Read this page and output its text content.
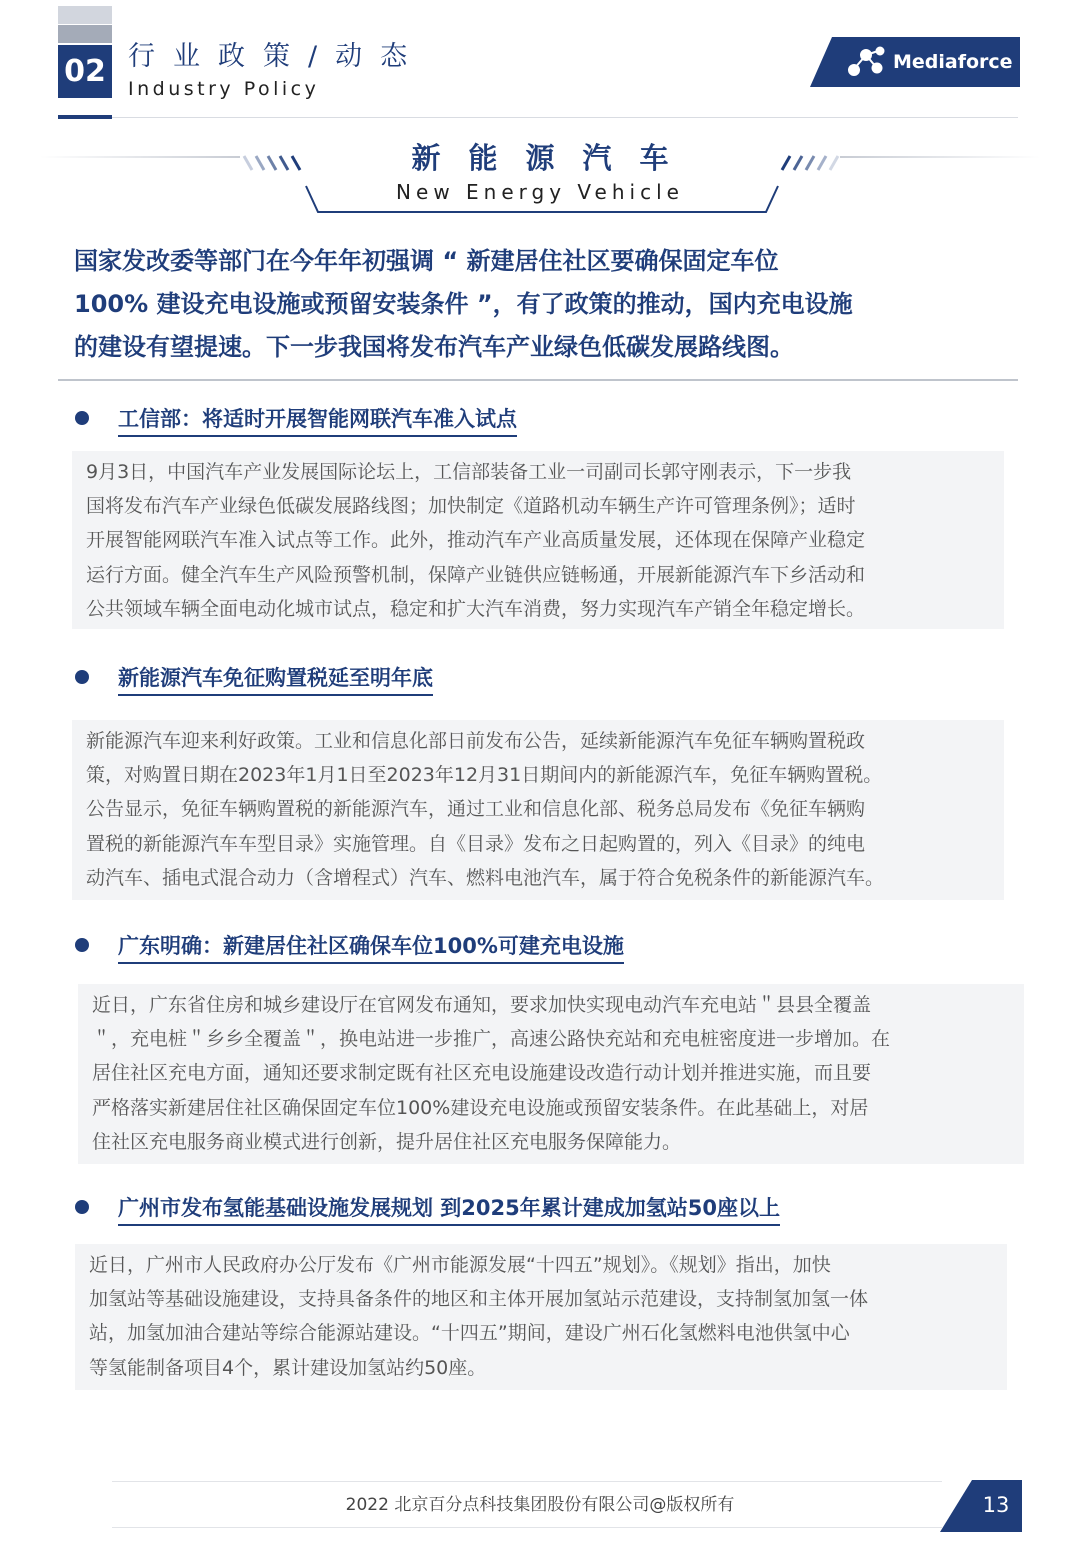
02 行业政策/动态
Industry Policy
Mediaforce
新能源汽车
New Energy Vehicle
国家发改委等部门在今年年初强调 “ 新建居住社区要确保固定车位
100% 建设充电设施或预留安装条件 ”，有了政策的推动，国内充电设施
的建设有望提速。下一步我国将发布汽车产业绿色低碳发展路线图。
工信部：将适时开展智能网联汽车准入试点
9月3日，中国汽车产业发展国际论坛上，工信部装备工业一司副司长郭守刚表示，下一步我
国将发布汽车产业绿色低碳发展路线图；加快制定《道路机动车辆生产许可管理条例》；适时
开展智能网联汽车准入试点等工作。此外，推动汽车产业高质量发展，还体现在保障产业稳定
运行方面。健全汽车生产风险预警机制，保障产业链供应链畅通，开展新能源汽车下乡活动和
公共领域车辆全面电动化城市试点，稳定和扩大汽车消费，努力实现汽车产销全年稳定增长。
新能源汽车免征购置税延至明年底
新能源汽车迎来利好政策。工业和信息化部日前发布公告，延续新能源汽车免征车辆购置税政
策，对购置日期在2023年1月1日至2023年12月31日期间内的新能源汽车，免征车辆购置税。
公告显示，免征车辆购置税的新能源汽车，通过工业和信息化部、税务总局发布《免征车辆购
置税的新能源汽车车型目录》实施管理。自《目录》发布之日起购置的，列入《目录》的纯电
动汽车、插电式混合动力（含增程式）汽车、燃料电池汽车，属于符合免税条件的新能源汽车。
广东明确：新建居住社区确保车位100%可建充电设施
近日，广东省住房和城乡建设厅在官网发布通知，要求加快实现电动汽车充电站＂县县全覆盖
＂，充电桩＂乡乡全覆盖＂，换电站进一步推广，高速公路快充站和充电桩密度进一步增加。在
居住社区充电方面，通知还要求制定既有社区充电设施建设改造行动计划并推进实施，而且要
严格落实新建居住社区确保固定车位100%建设充电设施或预留安装条件。在此基础上，对居
住社区充电服务商业模式进行创新，提升居住社区充电服务保障能力。
广州市发布氢能基础设施发展规划 到2025年累计建成加氢站50座以上
近日，广州市人民政府办公厅发布《广州市能源发展“十四五”规划》。《规划》指出，加快
加氢站等基础设施建设，支持具备条件的地区和主体开展加氢站示范建设，支持制氢加氢一体
站，加氢加油合建站等综合能源站建设。“十四五”期间，建设广州石化氢燃料电池供氢中心
等氢能制备项目4个，累计建设加氢站约50座。
2022 北京百分点科技集团股份有限公司@版权所有	13
